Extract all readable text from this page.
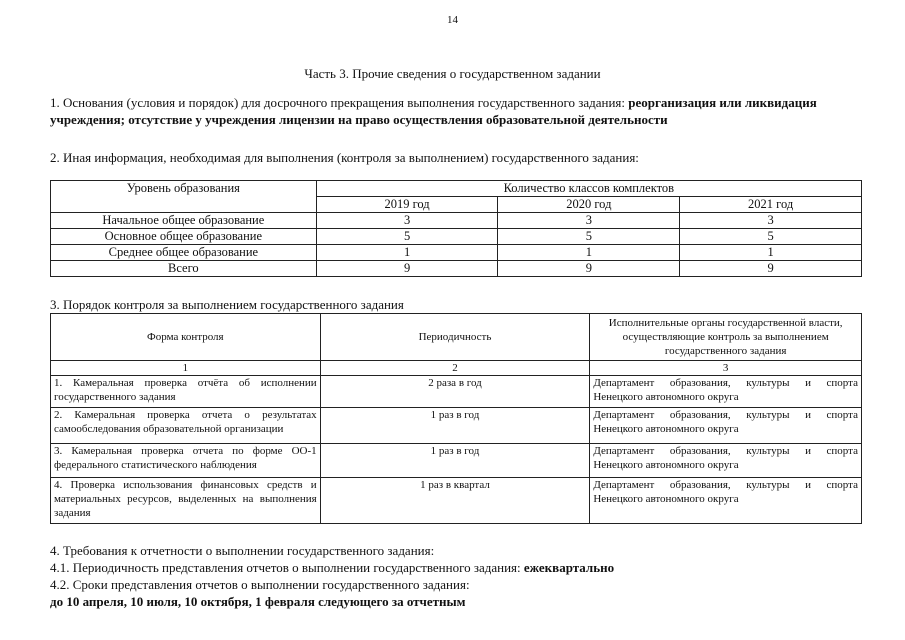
14
Часть 3. Прочие сведения о государственном задании
1. Основания (условия и порядок) для досрочного прекращения выполнения государственного задания: реорганизация или ликвидация
учреждения; отсутствие у учреждения лицензии на право осуществления образовательной деятельности
2. Иная информация, необходимая для выполнения (контроля за выполнением) государственного задания:
Уровень образования	Количество классов комплектов		
	2019 год	2020 год	2021 год
Начальное общее образование	3	3	3
Основное общее образование	5	5	5
Среднее общее образование	1	1	1
Всего	9	9	9
3. Порядок контроля за выполнением государственного задания
Форма контроля	Периодичность	Исполнительные органы государственной власти, осуществляющие контроль за выполнением государственного задания
1	2	3
1. Камеральная проверка отчёта об исполнении государственного задания	2 раза в год	Департамент образования, культуры и спорта Ненецкого автономного округа
2. Камеральная проверка отчета о результатах самообследования образовательной организации	1 раз в год	Департамент образования, культуры и спорта Ненецкого автономного округа
3. Камеральная проверка отчета по форме ОО-1 федерального статистического наблюдения	1 раз в год	Департамент образования, культуры и спорта Ненецкого автономного округа
4. Проверка использования финансовых средств и материальных ресурсов, выделенных на выполнения задания	1 раз в квартал	Департамент образования, культуры и спорта Ненецкого автономного округа
4. Требования к отчетности о выполнении государственного задания:
4.1. Периодичность представления отчетов о выполнении государственного задания: ежеквартально
4.2. Сроки представления отчетов о выполнении государственного задания:
до 10 апреля, 10 июля, 10 октября, 1 февраля следующего за отчетным
